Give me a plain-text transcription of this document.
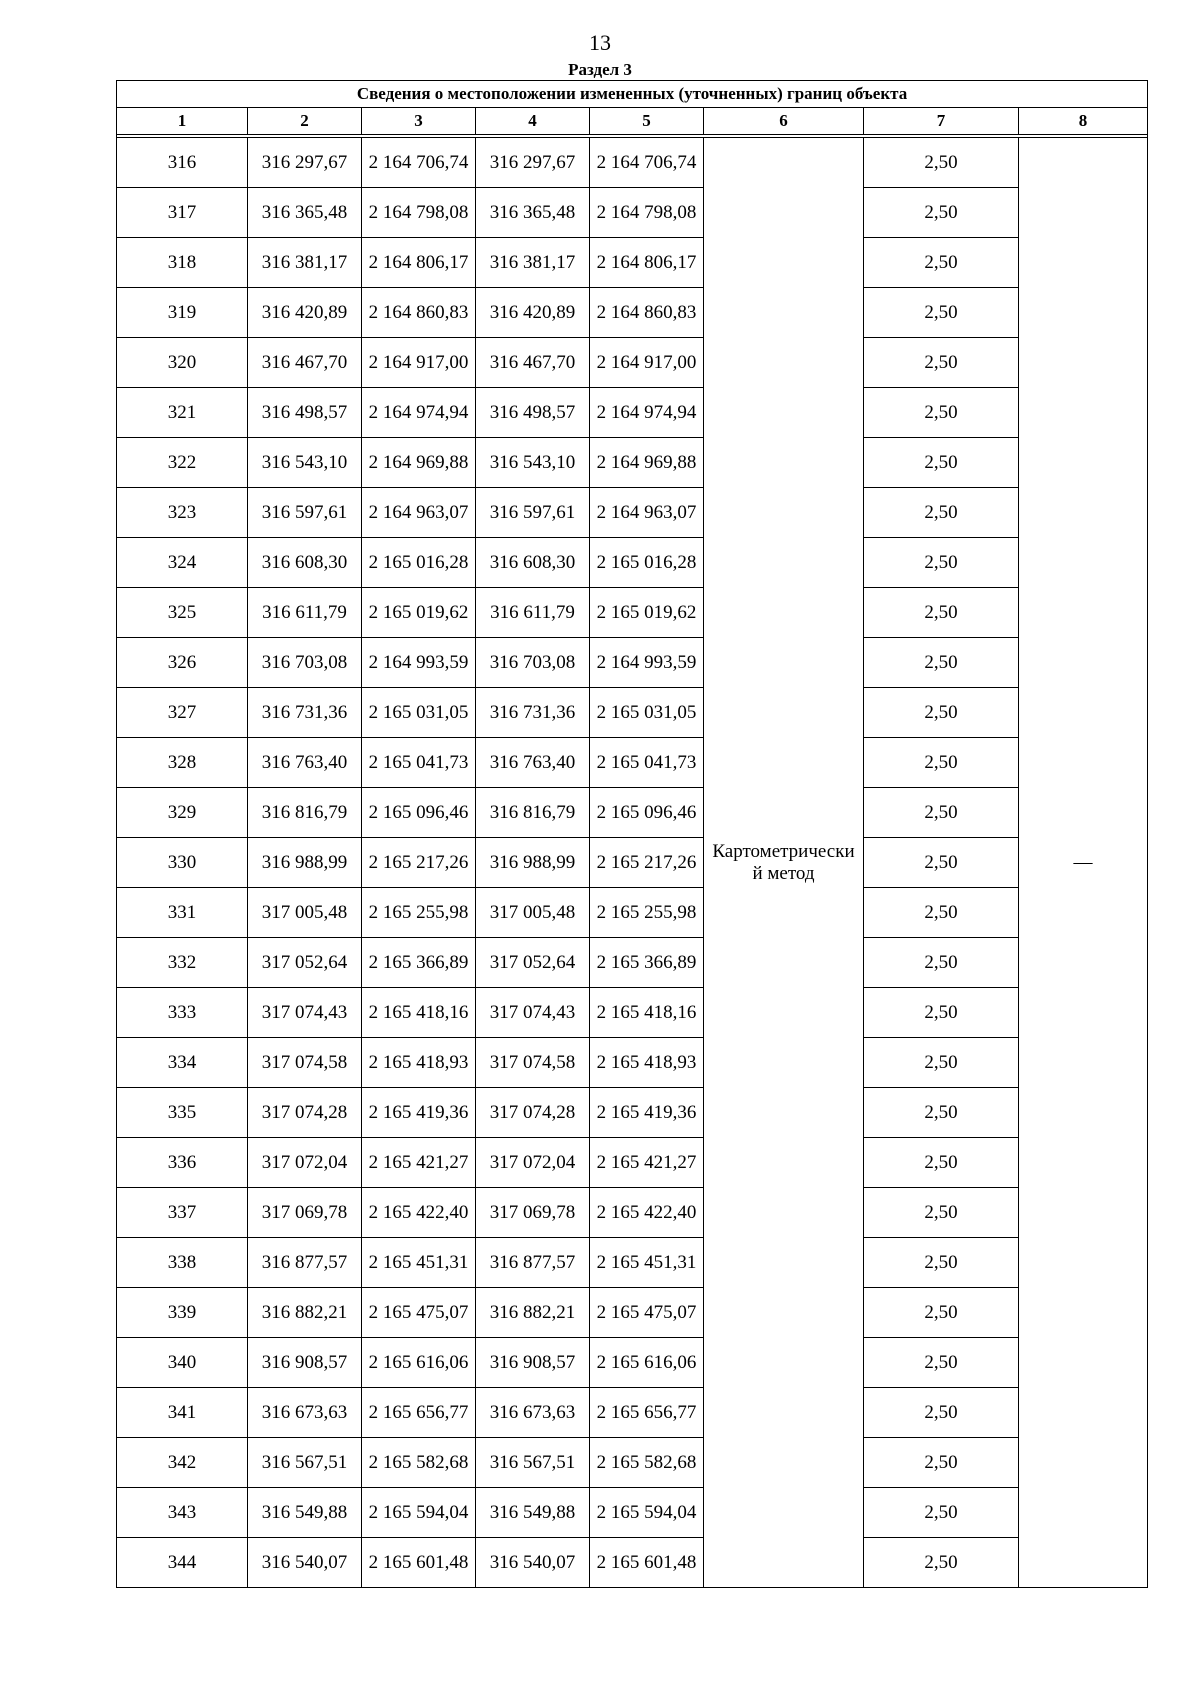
13
Раздел 3
Сведения о местоположении измененных (уточненных) границ объекта							
1	2	3	4	5	6	7	8

316	316 297,67	2 164 706,74	316 297,67	2 164 706,74	Картометрически й метод	2,50	—
317	316 365,48	2 164 798,08	316 365,48	2 164 798,08		2,50	
318	316 381,17	2 164 806,17	316 381,17	2 164 806,17		2,50	
319	316 420,89	2 164 860,83	316 420,89	2 164 860,83		2,50	
320	316 467,70	2 164 917,00	316 467,70	2 164 917,00		2,50	
321	316 498,57	2 164 974,94	316 498,57	2 164 974,94		2,50	
322	316 543,10	2 164 969,88	316 543,10	2 164 969,88		2,50	
323	316 597,61	2 164 963,07	316 597,61	2 164 963,07		2,50	
324	316 608,30	2 165 016,28	316 608,30	2 165 016,28		2,50	
325	316 611,79	2 165 019,62	316 611,79	2 165 019,62		2,50	
326	316 703,08	2 164 993,59	316 703,08	2 164 993,59		2,50	
327	316 731,36	2 165 031,05	316 731,36	2 165 031,05		2,50	
328	316 763,40	2 165 041,73	316 763,40	2 165 041,73		2,50	
329	316 816,79	2 165 096,46	316 816,79	2 165 096,46		2,50	
330	316 988,99	2 165 217,26	316 988,99	2 165 217,26		2,50	
331	317 005,48	2 165 255,98	317 005,48	2 165 255,98		2,50	
332	317 052,64	2 165 366,89	317 052,64	2 165 366,89		2,50	
333	317 074,43	2 165 418,16	317 074,43	2 165 418,16		2,50	
334	317 074,58	2 165 418,93	317 074,58	2 165 418,93		2,50	
335	317 074,28	2 165 419,36	317 074,28	2 165 419,36		2,50	
336	317 072,04	2 165 421,27	317 072,04	2 165 421,27		2,50	
337	317 069,78	2 165 422,40	317 069,78	2 165 422,40		2,50	
338	316 877,57	2 165 451,31	316 877,57	2 165 451,31		2,50	
339	316 882,21	2 165 475,07	316 882,21	2 165 475,07		2,50	
340	316 908,57	2 165 616,06	316 908,57	2 165 616,06		2,50	
341	316 673,63	2 165 656,77	316 673,63	2 165 656,77		2,50	
342	316 567,51	2 165 582,68	316 567,51	2 165 582,68		2,50	
343	316 549,88	2 165 594,04	316 549,88	2 165 594,04		2,50	
344	316 540,07	2 165 601,48	316 540,07	2 165 601,48		2,50	
